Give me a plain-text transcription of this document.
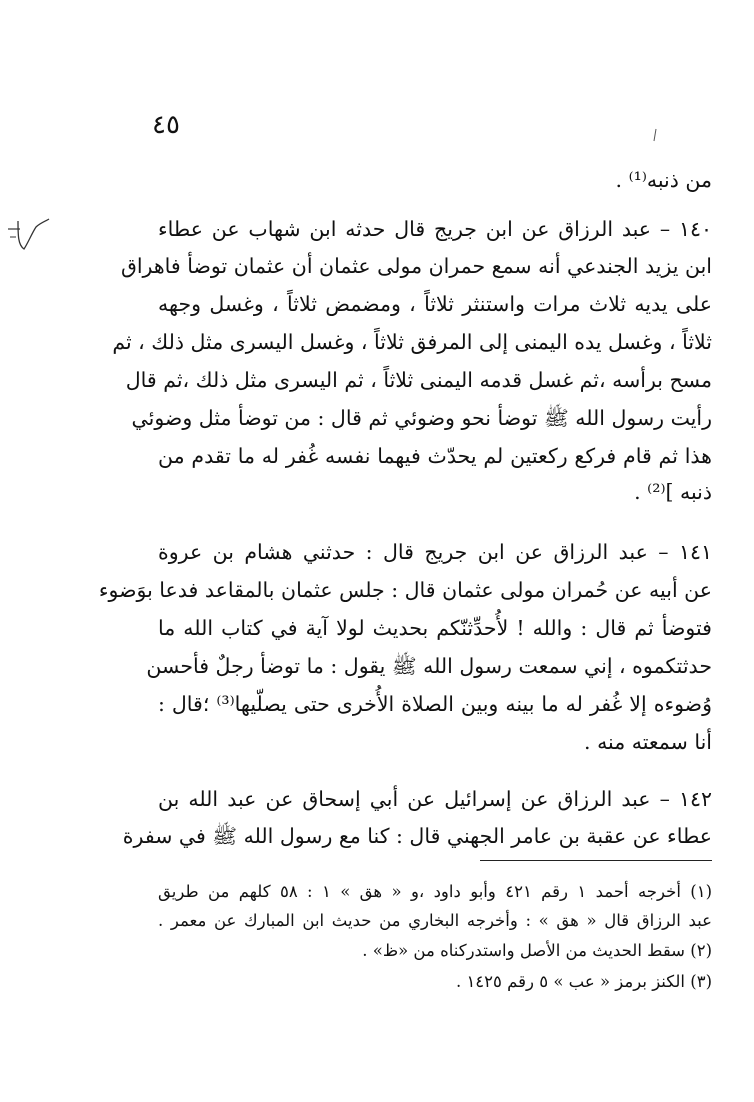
٤٥
من ذنبه⁽¹⁾ .
١٤٠ – عبد الرزاق عن ابن جريج قال حدثه ابن شهاب عن عطاء
ابن يزيد الجندعي أنه سمع حمران مولى عثمان أن عثمان توضأ فاهراق
على يديه ثلاث مرات واستنثر ثلاثاً ، ومضمض ثلاثاً ، وغسل وجهه
ثلاثاً ، وغسل يده اليمنى إلى المرفق ثلاثاً ، وغسل اليسرى مثل ذلك ، ثم
مسح برأسه ،ثم غسل قدمه اليمنى ثلاثاً ، ثم اليسرى مثل ذلك ،ثم قال
رأيت رسول الله ﷺ توضأ نحو وضوئي ثم قال : من توضأ مثل وضوئي
هذا ثم قام فركع ركعتين لم يحدّث فيهما نفسه غُفر له ما تقدم من
ذنبه ]⁽²⁾ .
١٤١ – عبد الرزاق عن ابن جريج قال : حدثني هشام بن عروة
عن أبيه عن حُمران مولى عثمان قال : جلس عثمان بالمقاعد فدعا بوَضوء
فتوضأ ثم قال : والله ! لأُحدِّثنّكم بحديث لولا آية في كتاب الله ما
حدثتكموه ، إني سمعت رسول الله ﷺ يقول : ما توضأ رجلٌ فأحسن
وُضوءه إلا غُفر له ما بينه وبين الصلاة الأُخرى حتى يصلّيها⁽³⁾ ؛قال :
أنا سمعته منه .
١٤٢ – عبد الرزاق عن إسرائيل عن أبي إسحاق عن عبد الله بن
عطاء عن عقبة بن عامر الجهني قال : كنا مع رسول الله ﷺ في سفرة
(١) أخرجه أحمد ١ رقم ٤٢١ وأبو داود ،و « هق » ١ : ٥٨ كلهم من طريق
عبد الرزاق قال « هق » : وأخرجه البخاري من حديث ابن المبارك عن معمر .
(٢) سقط الحديث من الأصل واستدركناه من «ظ» .
(٣) الكنز برمز « عب » ٥ رقم ١٤٢٥ .
